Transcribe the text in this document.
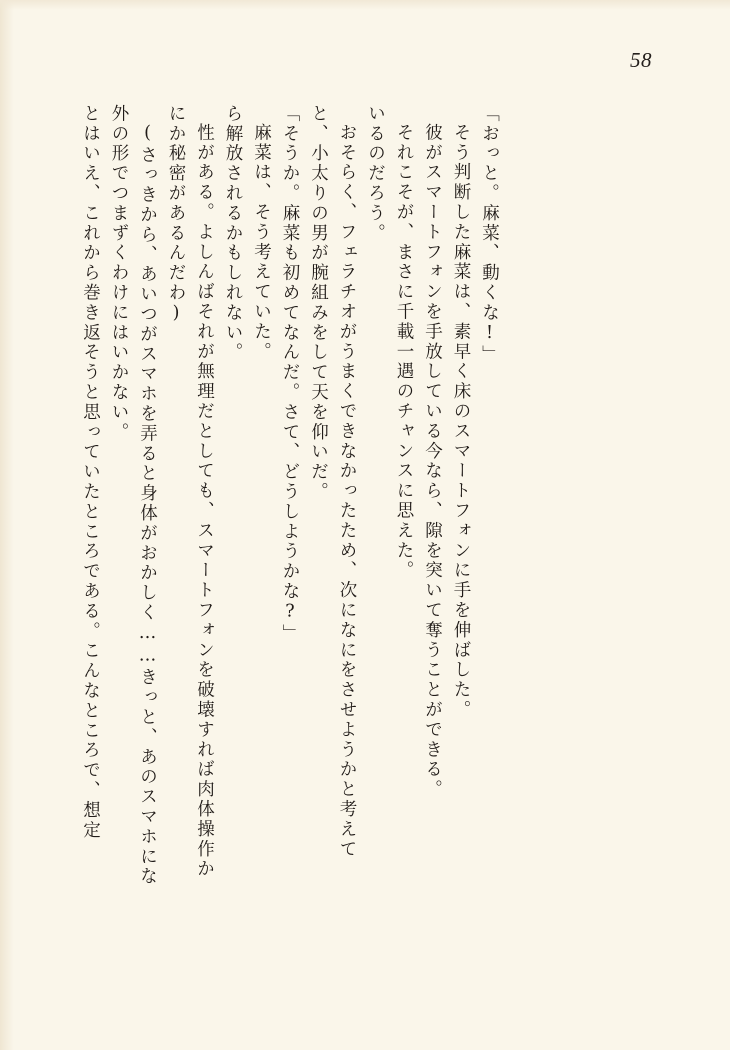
58
とはいえ、これから巻き返そうと思っていたところである。こんなところで、想定 外の形でつまずくわけにはいかない。 (さっきから、あいつがスマホを弄ると身体がおかしく……きっと、あのスマホにな にか秘密があるんだわ) 性がある。よしんばそれが無理だとしても、スマートフォンを破壊すれば肉体操作か ら解放されるかもしれない。 麻菜は、そう考えていた。 「そうか。麻菜も初めてなんだ。さて、どうしようかな?」 と、小太りの男が腕組みをして天を仰いだ。 おそらく、フェラチオがうまくできなかったため、次になにをさせようかと考えて いるのだろう。 それこそが、まさに千載一遇のチャンスに思えた。 彼がスマートフォンを手放している今なら、隙を突いて奪うことができる。 そう判断した麻菜は、素早く床のスマートフォンに手を伸ばした。 「おっと。麻菜、動くな!」
